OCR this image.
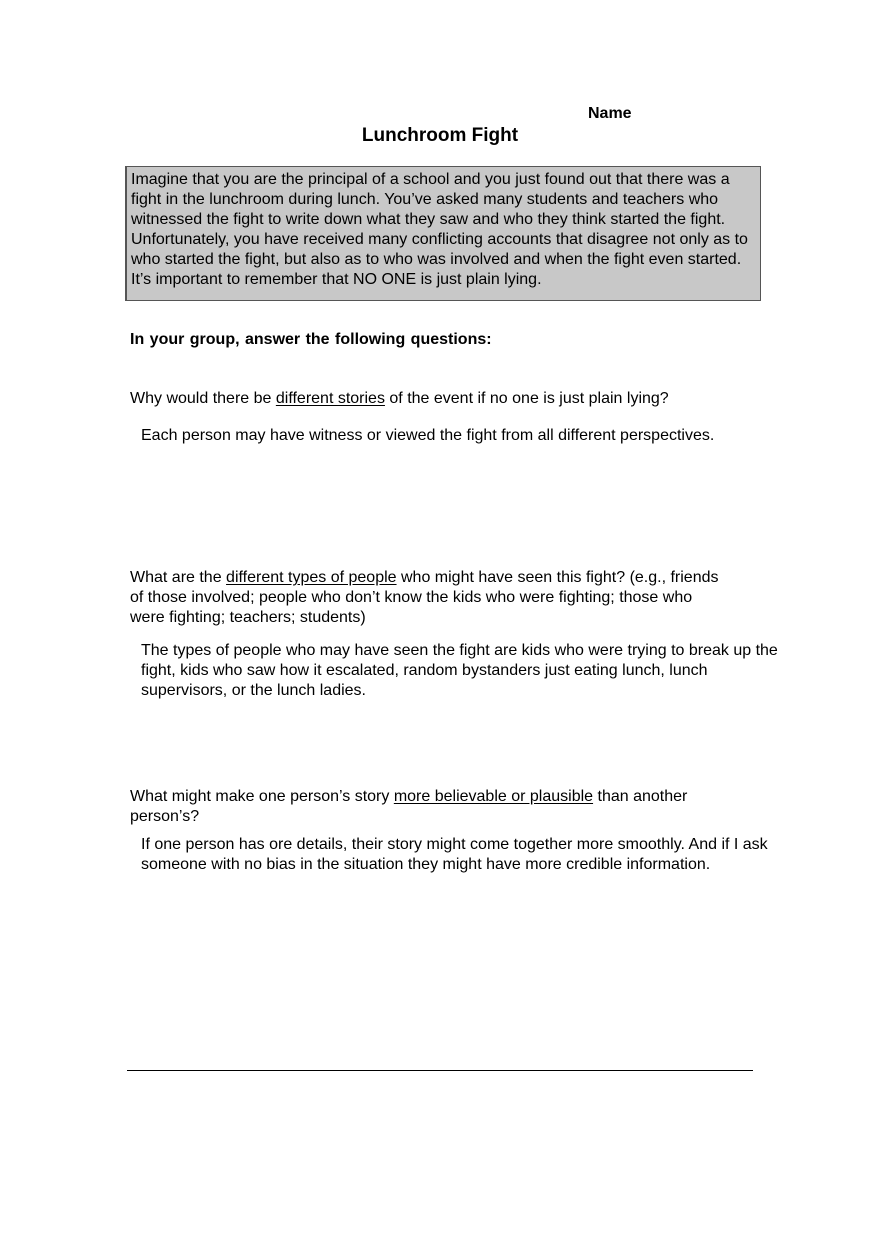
Name
Lunchroom Fight
Imagine that you are the principal of a school and you just found out that there was a fight in the lunchroom during lunch. You’ve asked many students and teachers who witnessed the fight to write down what they saw and who they think started the fight. Unfortunately, you have received many conflicting accounts that disagree not only as to who started the fight, but also as to who was involved and when the fight even started. It’s important to remember that NO ONE is just plain lying.
In your group, answer the following questions:
Why would there be different stories of the event if no one is just plain lying?
Each person may have witness or viewed the fight from all different perspectives.
What are the different types of people who might have seen this fight? (e.g., friends of those involved; people who don’t know the kids who were fighting; those who were fighting; teachers; students)
The types of people who may have seen the fight are kids who were trying to break up the fight, kids who saw how it escalated, random bystanders just eating lunch, lunch supervisors, or the lunch ladies.
What might make one person’s story more believable or plausible than another person’s?
If one person has ore details, their story might come together more smoothly. And if I ask someone with no bias in the situation they might have more credible information.
